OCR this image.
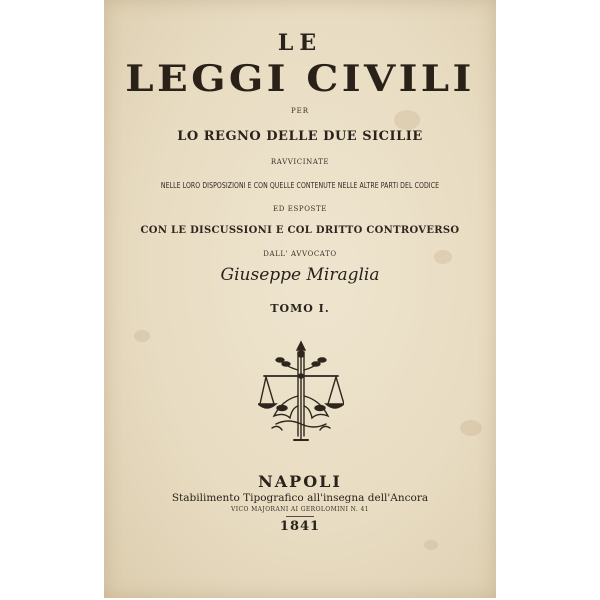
LE
LEGGI CIVILI
PER
LO REGNO DELLE DUE SICILIE
RAVVICINATE
NELLE LORO DISPOSIZIONI E CON QUELLE CONTENUTE NELLE ALTRE PARTI DEL CODICE
ED ESPOSTE
CON LE DISCUSSIONI E COL DRITTO CONTROVERSO
DALL' AVVOCATO
Giuseppe Miraglia
TOMO I.
NAPOLI
Stabilimento Tipografico all'insegna dell'Ancora
VICO MAJORANI AI GEROLOMINI N. 41
1841
